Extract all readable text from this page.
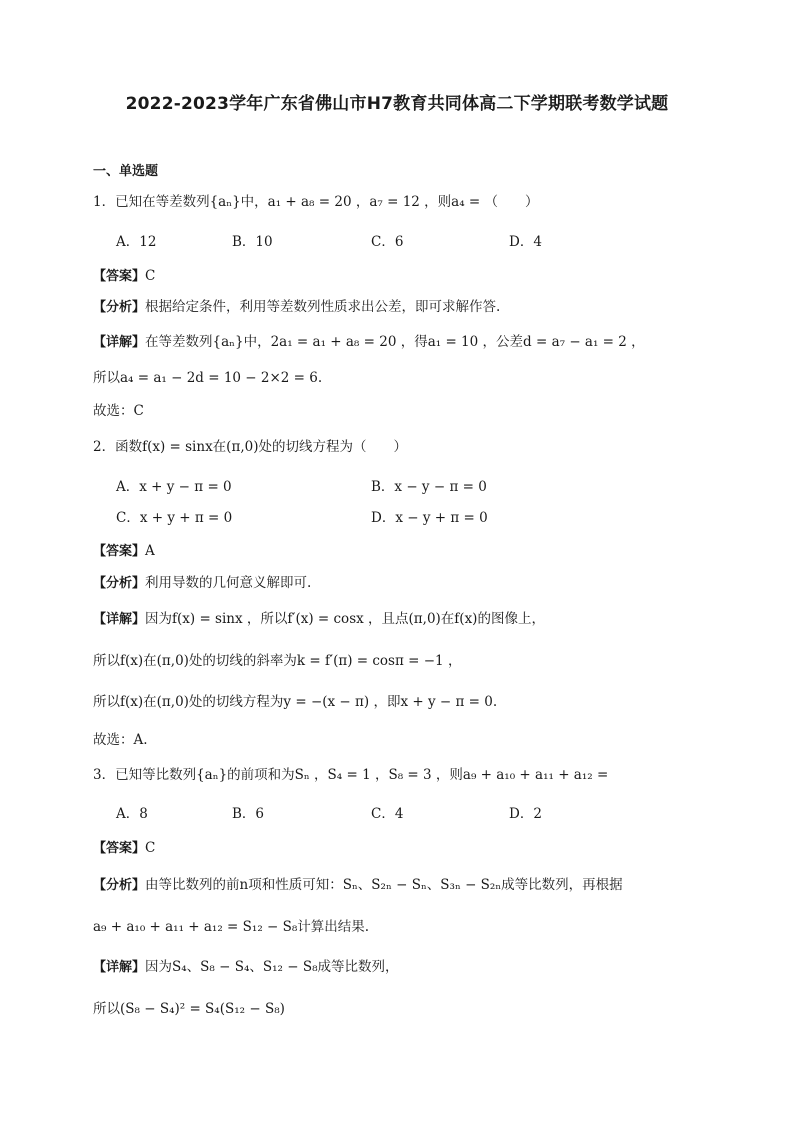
2022-2023学年广东省佛山市H7教育共同体高二下学期联考数学试题
一、单选题
1．已知在等差数列{aₙ}中，a₁ + a₈ = 20 ，a₇ = 12 ，则a₄ = （　　）
A．12	B．10	C．6	D．4
【答案】C
【分析】根据给定条件，利用等差数列性质求出公差，即可求解作答.
【详解】在等差数列{aₙ}中，2a₁ = a₁ + a₈ = 20 ，得a₁ = 10 ，公差d = a₇ − a₁ = 2 ，
所以a₄ = a₁ − 2d = 10 − 2×2 = 6.
故选：C
2．函数f(x) = sinx在(π,0)处的切线方程为（　　）
A．x + y − π = 0	B．x − y − π = 0
C．x + y + π = 0	D．x − y + π = 0
【答案】A
【分析】利用导数的几何意义解即可.
【详解】因为f(x) = sinx ，所以f′(x) = cosx ，且点(π,0)在f(x)的图像上，
所以f(x)在(π,0)处的切线的斜率为k = f′(π) = cosπ = −1 ，
所以f(x)在(π,0)处的切线方程为y = −(x − π) ，即x + y − π = 0.
故选：A.
3．已知等比数列{aₙ}的前项和为Sₙ ，S₄ = 1 ，S₈ = 3 ，则a₉ + a₁₀ + a₁₁ + a₁₂ =
A．8	B．6	C．4	D．2
【答案】C
【分析】由等比数列的前n项和性质可知：Sₙ、S₂ₙ − Sₙ、S₃ₙ − S₂ₙ成等比数列，再根据
a₉ + a₁₀ + a₁₁ + a₁₂ = S₁₂ − S₈计算出结果.
【详解】因为S₄、S₈ − S₄、S₁₂ − S₈成等比数列，
所以(S₈ − S₄)² = S₄(S₁₂ − S₈)
